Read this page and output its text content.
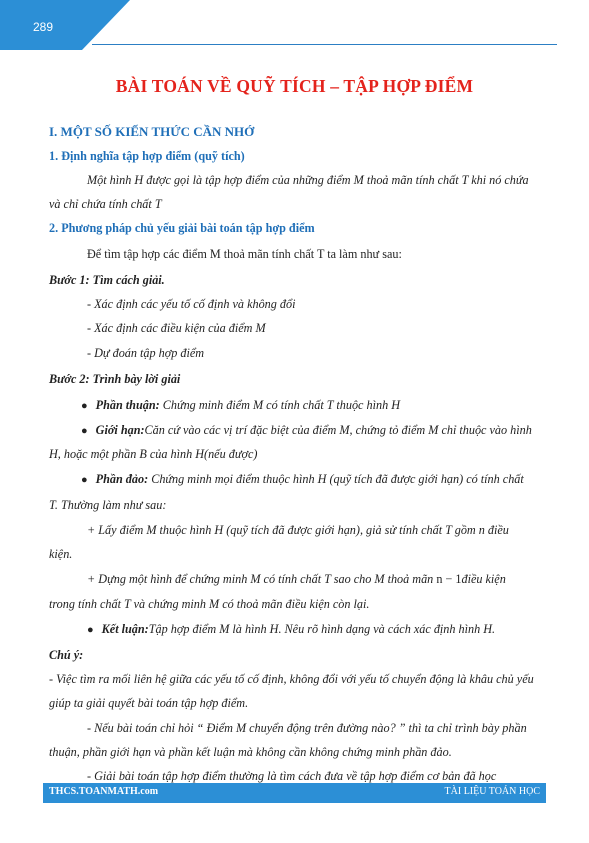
289
BÀI TOÁN VỀ QUỸ TÍCH – TẬP HỢP ĐIỂM
I. MỘT SỐ KIẾN THỨC CẦN NHỚ
1. Định nghĩa tập hợp điểm (quỹ tích)
Một hình H được gọi là tập hợp điểm của những điểm M thoả mãn tính chất T khi nó chứa
và chỉ chứa tính chất T
2. Phương pháp chủ yếu giải bài toán tập hợp điểm
Để tìm tập hợp các điểm M thoả mãn tính chất T ta làm như sau:
Bước 1: Tìm cách giải.
- Xác định các yếu tố cố định và không đổi
- Xác định các điều kiện của điểm M
- Dự đoán tập hợp điểm
Bước 2: Trình bày lời giải
● Phần thuận: Chứng minh điểm M có tính chất T thuộc hình H
● Giới hạn:Căn cứ vào các vị trí đặc biệt của điểm M, chứng tỏ điểm M chỉ thuộc vào hình
H, hoặc một phần B của hình H(nếu được)
● Phần đảo: Chứng minh mọi điểm thuộc hình H (quỹ tích đã được giới hạn) có tính chất
T. Thường làm như sau:
+ Lấy điểm M thuộc hình H (quỹ tích đã được giới hạn), giả sử tính chất T gồm n điều
kiện.
+ Dựng một hình để chứng minh M có tính chất T sao cho M thoả mãn n − 1điều kiện
trong tính chất T và chứng minh M có thoả mãn điều kiện còn lại.
● Kết luận:Tập hợp điểm M là hình H. Nêu rõ hình dạng và cách xác định hình H.
Chú ý:
- Việc tìm ra mối liên hệ giữa các yếu tố cố định, không đổi với yếu tố chuyển động là khâu chủ yếu
giúp ta giải quyết bài toán tập hợp điểm.
- Nếu bài toán chỉ hỏi “ Điểm M chuyển động trên đường nào? ” thì ta chỉ trình bày phần
thuận, phần giới hạn và phần kết luận mà không cần không chứng minh phần đảo.
- Giải bài toán tập hợp điểm thường là tìm cách đưa về tập hợp điểm cơ bản đã học
THCS.TOANMATH.com	TÀI LIỆU TOÁN HỌC
